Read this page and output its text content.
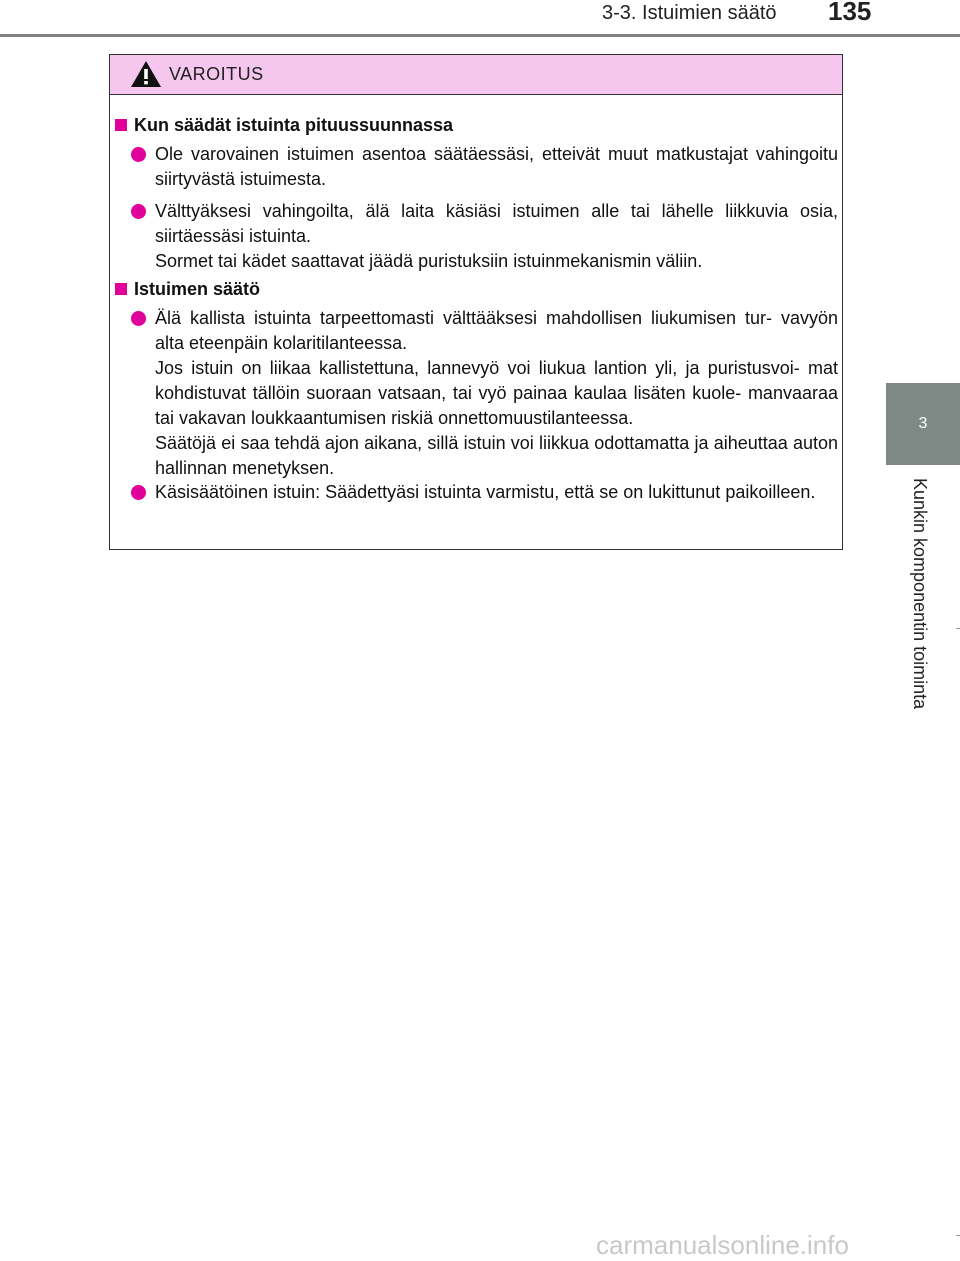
3-3. Istuimien säätö 135
3
Kunkin komponentin toiminta
VAROITUS
Kun säädät istuinta pituussuunnassa

Ole varovainen istuimen asentoa säätäessäsi, etteivät muut matkustajat vahingoitu siirtyvästä istuimesta.

Välttyäksesi vahingoilta, älä laita käsiäsi istuimen alle tai lähelle liikkuvia osia, siirtäessäsi istuinta.

Sormet tai kädet saattavat jäädä puristuksiin istuinmekanismin väliin.

Istuimen säätö

Älä kallista istuinta tarpeettomasti välttääksesi mahdollisen liukumisen tur- vavyön alta eteenpäin kolaritilanteessa.

Jos istuin on liikaa kallistettuna, lannevyö voi liukua lantion yli, ja puristusvoi- mat kohdistuvat tällöin suoraan vatsaan, tai vyö painaa kaulaa lisäten kuole- manvaaraa tai vakavan loukkaantumisen riskiä onnettomuustilanteessa.

Säätöjä ei saa tehdä ajon aikana, sillä istuin voi liikkua odottamatta ja aiheuttaa auton hallinnan menetyksen.

Käsisäätöinen istuin: Säädettyäsi istuinta varmistu, että se on lukittunut paikoilleen.

carmanualsonline.info
